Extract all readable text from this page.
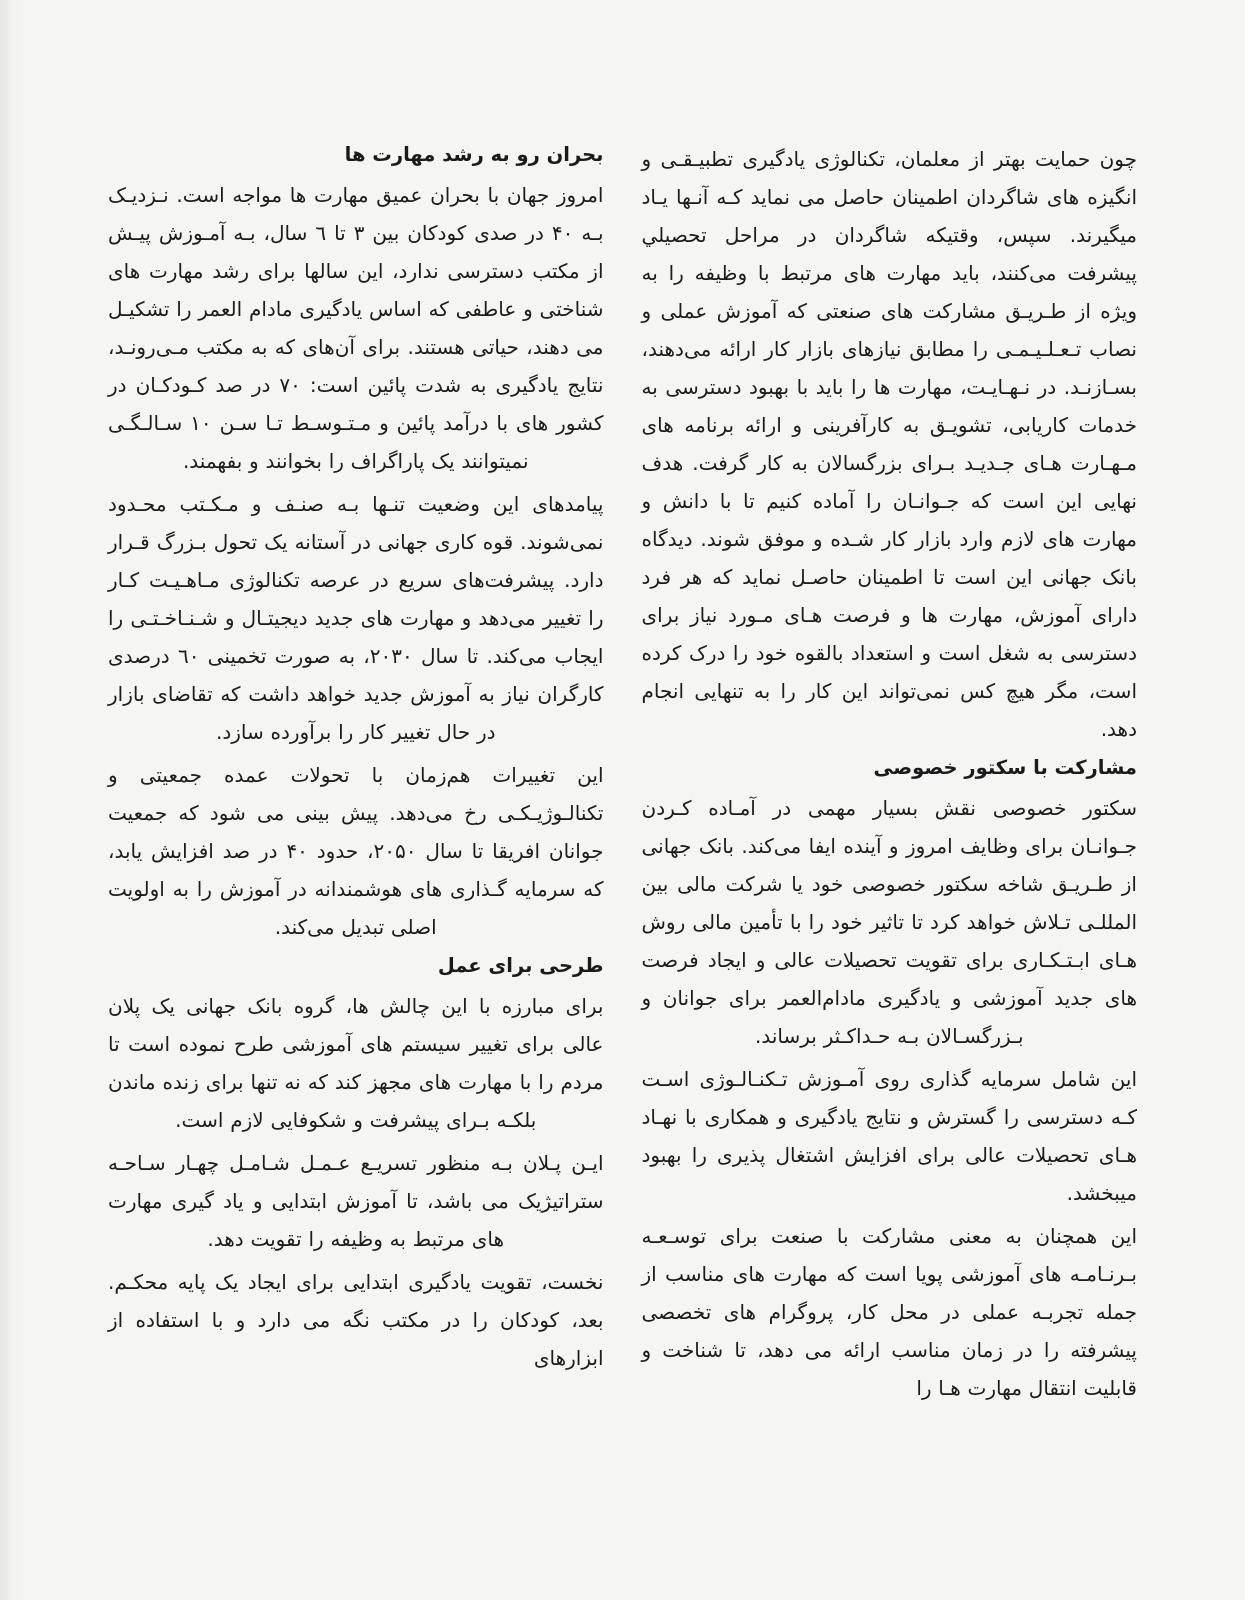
بحران رو به رشد مهارت ها

امروز جهان با بحران عمیق مهارت ها مواجه است. نـزدیـک بـه ۴۰ در صدی کودکان بین ۳ تا ٦ سال، بـه آمـوزش پیـش از مکتب دسترسی ندارد، این سالها برای رشد مهارت های شناختی و عاطفی که اساس یادگیری مادام العمر را تشکیـل می دهند، حیاتی هستند. برای آن‌های که به مکتب مـی‌رونـد، نتایج یادگیری به شدت پائین است: ۷۰ در صد کـودکـان در کشور های با درآمد پائین و مـتـوسـط تـا سـن ۱۰ سـالـگـی نمیتوانند یک پاراگراف را بخوانند و بفهمند.

پیامدهای این وضعیت تنـها بـه صنـف و مـکـتب محـدود نمی‌شوند. قوه کاری جهانی در آستانه یک تحول بـزرگ قـرار دارد. پیشرفت‌های سریع در عرصه تکنالوژی مـاهـیـت کـار را تغییر می‌دهد و مهارت های جدید دیجیتـال و شـنـاخـتـی را ایجاب می‌کند. تا سال ۲۰۳۰، به صورت تخمینی ٦۰ درصدی کارگران نیاز به آموزش جدید خواهد داشت که تقاضای بازار در حال تغییر کار را برآورده سازد.

این تغییرات هم‌زمان با تحولات عمده جمعیتی و تکنالـوژیـکـی رخ می‌دهد. پیش بینی می شود که جمعیت جوانان افریقا تا سال ۲۰۵۰، حدود ۴۰ در صد افزایش یابد، که سرمایه گـذاری های هوشمندانه در آموزش را به اولویت اصلی تبدیل می‌کند.

طرحی برای عمل

برای مبارزه با این چالش ها، گروه بانک جهانی یک پلان عالی برای تغییر سیستم های آموزشی طرح نموده است تا مردم را با مهارت های مجهز کند که نه تنها برای زنده ماندن بلکـه بـرای پیشرفت و شکوفایی لازم است.

ایـن پـلان بـه منظور تسریـع عـمـل شـامـل چهـار سـاحـه ستراتیژیک می باشد، تا آموزش ابتدایی و یاد گیری مهارت های مرتبط به وظیفه را تقویت دهد.

نخست، تقویت یادگیری ابتدایی برای ایجاد یک پایه محکـم. بعد، کودکان را در مکتب نگه می دارد و با استفاده از ابزارهای

چون حمایت بهتر از معلمان، تکنالوژی یادگیری تطبیـقـی و انگیزه های شاگردان اطمینان حاصل می نماید کـه آنـها یـاد میگیرند. سپس، وقتیکه شاگردان در مراحل تحصیلي پیشرفت می‌کنند، باید مهارت های مرتبط با وظیفه را به ویژه از طـریـق مشارکت های صنعتی که آموزش عملی و نصاب تـعـلـیـمـی را مطابق نیازهای بازار کار ارائه می‌دهند، بسـازنـد. در نـهـایـت، مهارت ها را باید با بهبود دسترسی به خدمات کاریابی، تشویـق به کارآفرینی و ارائه برنامه های مـهـارت هـای جـدیـد بـرای بزرگسالان به کار گرفت. هدف نهایی این است که جـوانـان را آماده کنیم تا با دانش و مهارت های لازم وارد بازار کار شـده و موفق شوند. دیدگاه بانک جهانی این است تا اطمینان حاصـل نماید که هر فرد دارای آموزش، مهارت ها و فرصت هـای مـورد نیاز برای دسترسی به شغل است و استعداد بالقوه خود را درک کرده است، مگر هیچ کس نمی‌تواند این کار را به تنهایی انجام دهد.

مشارکت با سکتور خصوصی

سکتور خصوصی نقش بسیار مهمی در آمـاده کـردن جـوانـان برای وظایف امروز و آینده ایفا می‌کند. بانک جهانی از طـریـق شاخه سکتور خصوصی خود یا شرکت مالی بین المللـی تـلاش خواهد کرد تا تاثیر خود را با تأمین مالی روش هـای ابـتـکـاری برای تقویت تحصیلات عالی و ایجاد فرصت های جدید آموزشی و یادگیری مادام‌العمر برای جوانان و بـزرگسـالان بـه حـداکـثر برساند.

این شامل سرمایه گذاری روی آمـوزش تـکنـالـوژی اسـت کـه دسترسی را گسترش و نتایج یادگیری و همکاری با نهـاد هـای تحصیلات عالی برای افزایش اشتغال پذیری را بهبود میبخشد.

این همچنان به معنی مشارکت با صنعت برای توسـعـه بـرنـامـه های آموزشی پویا است که مهارت های مناسب از جمله تجربـه عملی در محل کار، پروگرام های تخصصی پیشرفته را در زمان مناسب ارائه می دهد، تا شناخت و قابلیت انتقال مهارت هـا را
